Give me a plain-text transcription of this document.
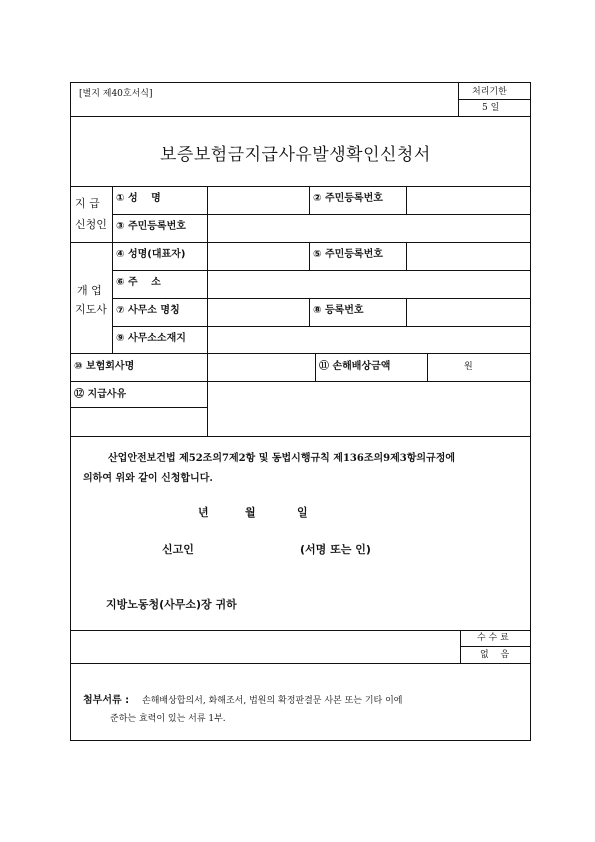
[별지 제40호서식]	처리기한
5 일
보증보험금지급사유발생확인신청서
지 급
신청인
① 성　 명	② 주민등록번호
③ 주민등록번호
개 업
지도사
④ 성명(대표자)	⑤ 주민등록번호
⑥ 주　 소
⑦ 사무소 명칭	⑧ 등록번호
⑨ 사무소소재지
⑩ 보험회사명	⑪ 손해배상금액	원
⑫ 지급사유
산업안전보건법 제52조의7제2항 및 동법시행규칙 제136조의9제3항의규정에
의하여 위와 같이 신청합니다.
년	월	일
신고인	(서명 또는 인)
지방노동청(사무소)장 귀하
수 수 료
없　 음
첨부서류 : 손해배상합의서, 화해조서, 법원의 확정판결문 사본 또는 기타 이에
준하는 효력이 있는 서류 1부.
